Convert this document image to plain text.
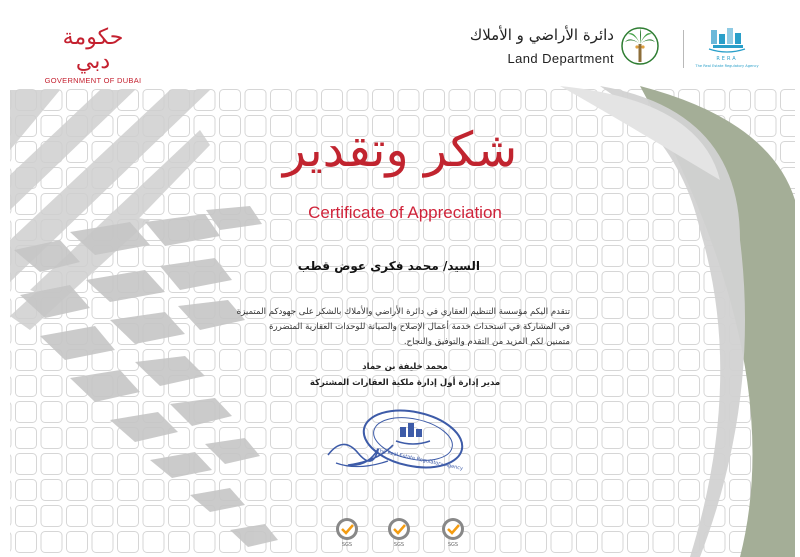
حكومة دبي
GOVERNMENT OF DUBAI
دائرة الأراضي و الأملاك
Land Department	RERA
The Real Estate Regulatory Agency
شكر وتقدير
Certificate of Appreciation
السيد/ محمد فكرى عوض قطب
تتقدم اليكم مؤسسة التنظيم العقاري في دائرة الأراضي والأملاك بالشكر على جهودكم المتميزة
في المشاركة في استحداث خدمة أعمال الإصلاح والصيانة للوحدات العقارية المتضررة
متمنين لكم المزيد من التقدم والتوفيق والنجاح.
محمد خليفة بن حماد
مدير إدارة أول إدارة ملكية العقارات المشتركة
The Real Estate Regulatory Agency
SGS	SGS	SGS
